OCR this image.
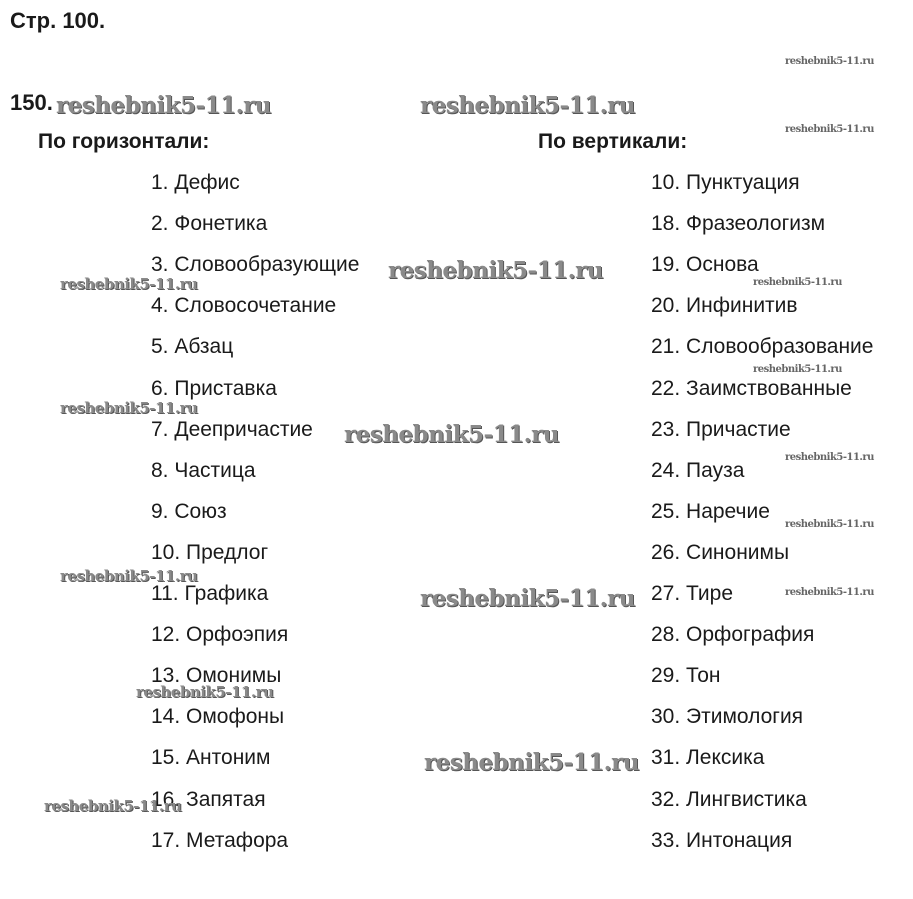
Стр. 100.
150.
По горизонтали:	По вертикали:
1. Дефис
2. Фонетика
3. Словообразующие
4. Словосочетание
5. Абзац
6. Приставка
7. Деепричастие
8. Частица
9. Союз
10. Предлог
11. Графика
12. Орфоэпия
13. Омонимы
14. Омофоны
15. Антоним
16. Запятая
17. Метафора
10. Пунктуация
18. Фразеологизм
19. Основа
20. Инфинитив
21. Словообразование
22. Заимствованные
23. Причастие
24. Пауза
25. Наречие
26. Синонимы
27. Тире
28. Орфография
29. Тон
30. Этимология
31. Лексика
32. Лингвистика
33. Интонация
reshebnik5-11.ru	reshebnik5-11.ru
reshebnik5-11.ru
reshebnik5-11.ru
reshebnik5-11.ru
reshebnik5-11.ru
reshebnik5-11.ru
reshebnik5-11.ru
reshebnik5-11.ru
reshebnik5-11.ru
reshebnik5-11.ru
reshebnik5-11.ru
reshebnik5-11.ru
reshebnik5-11.ru
reshebnik5-11.ru
reshebnik5-11.ru
reshebnik5-11.ru
reshebnik5-11.ru
